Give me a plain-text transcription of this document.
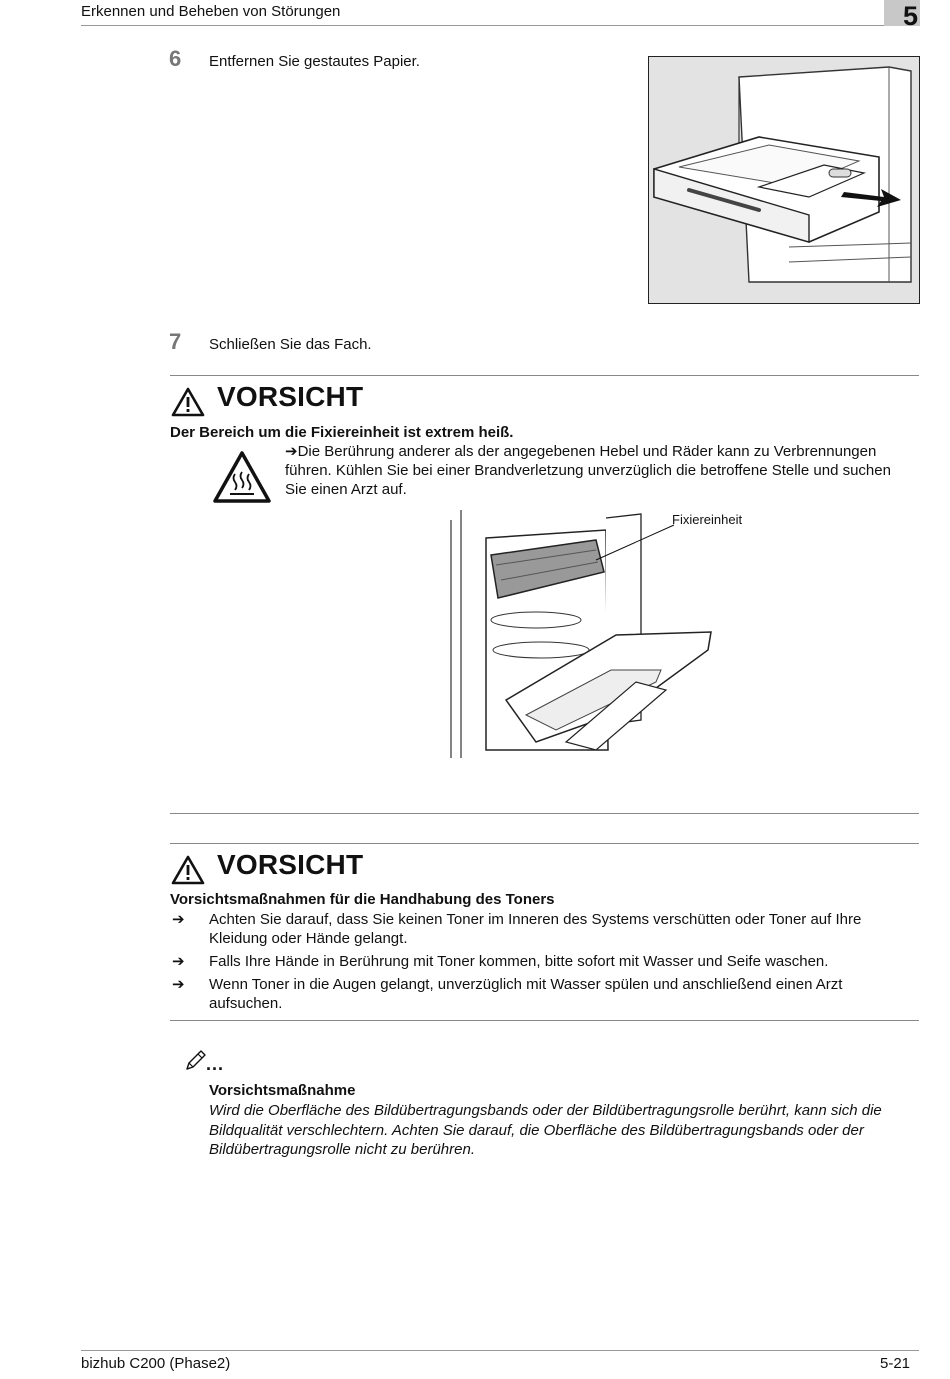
Erkennen und Beheben von Störungen	5
6 Entfernen Sie gestautes Papier.
7 Schließen Sie das Fach.
VORSICHT
Der Bereich um die Fixiereinheit ist extrem heiß.
➔Die Berührung anderer als der angegebenen Hebel und Räder kann zu Verbrennungen
führen. Kühlen Sie bei einer Brandverletzung unverzüglich die betroffene Stelle und suchen
Sie einen Arzt auf.
Fixiereinheit
VORSICHT
Vorsichtsmaßnahmen für die Handhabung des Toners
➔ Achten Sie darauf, dass Sie keinen Toner im Inneren des Systems verschütten oder Toner auf Ihre
Kleidung oder Hände gelangt.
➔ Falls Ihre Hände in Berührung mit Toner kommen, bitte sofort mit Wasser und Seife waschen.
➔ Wenn Toner in die Augen gelangt, unverzüglich mit Wasser spülen und anschließend einen Arzt
aufsuchen.
...
Vorsichtsmaßnahme
Wird die Oberfläche des Bildübertragungsbands oder der Bildübertragungsrolle berührt, kann sich die
Bildqualität verschlechtern. Achten Sie darauf, die Oberfläche des Bildübertragungsbands oder der
Bildübertragungsrolle nicht zu berühren.
bizhub C200 (Phase2)	5-21
